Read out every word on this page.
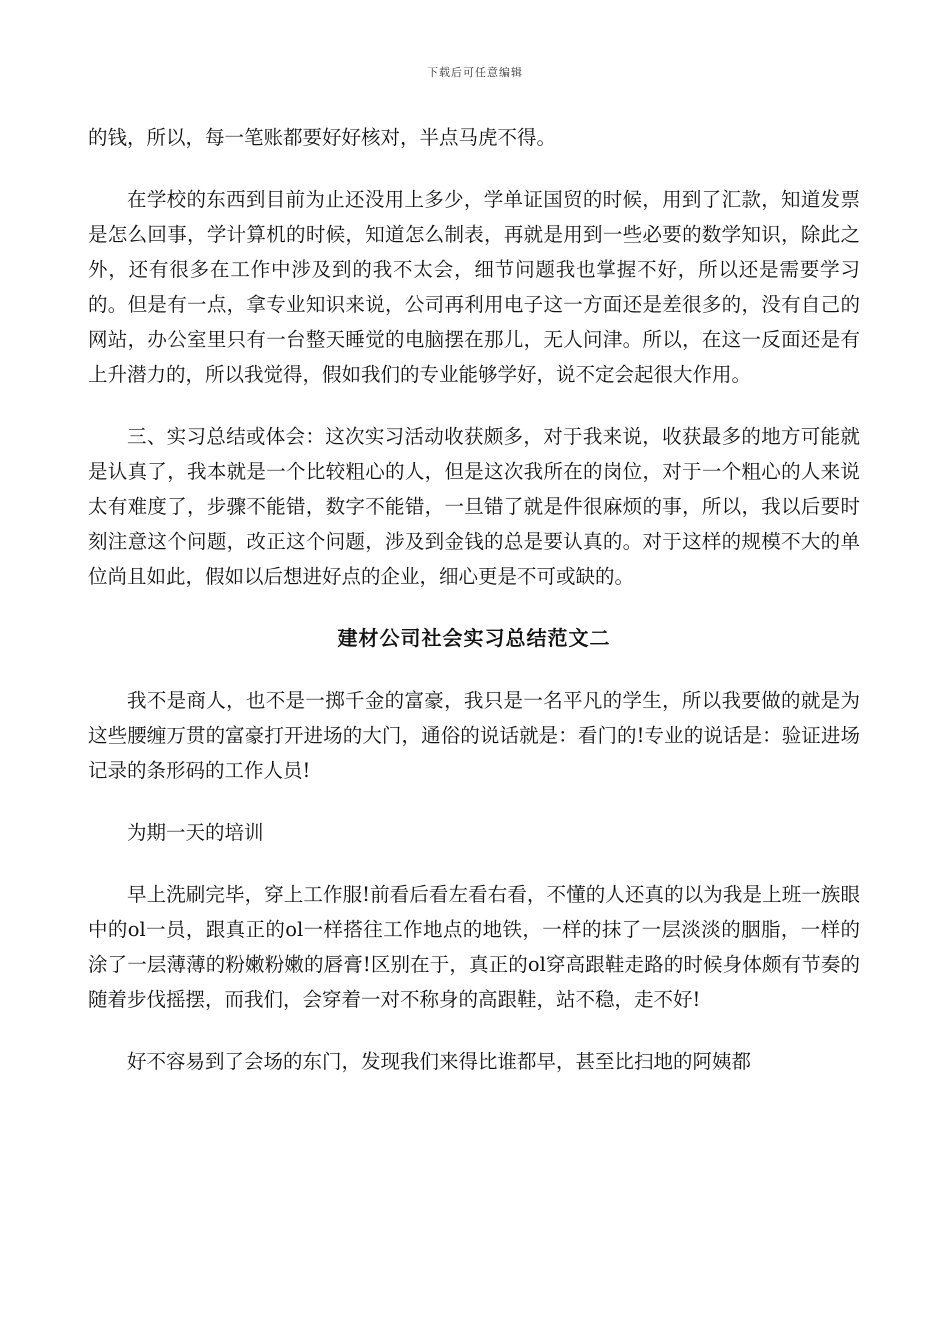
下载后可任意编辑

的钱，所以，每一笔账都要好好核对，半点马虎不得。

在学校的东西到目前为止还没用上多少，学单证国贸的时候，用到了汇款，知道发票是怎么回事，学计算机的时候，知道怎么制表，再就是用到一些必要的数学知识，除此之外，还有很多在工作中涉及到的我不太会，细节问题我也掌握不好，所以还是需要学习的。但是有一点，拿专业知识来说，公司再利用电子这一方面还是差很多的，没有自己的网站，办公室里只有一台整天睡觉的电脑摆在那儿，无人问津。所以，在这一反面还是有上升潜力的，所以我觉得，假如我们的专业能够学好，说不定会起很大作用。

三、实习总结或体会：这次实习活动收获颇多，对于我来说，收获最多的地方可能就是认真了，我本就是一个比较粗心的人，但是这次我所在的岗位，对于一个粗心的人来说太有难度了，步骤不能错，数字不能错，一旦错了就是件很麻烦的事，所以，我以后要时刻注意这个问题，改正这个问题，涉及到金钱的总是要认真的。对于这样的规模不大的单位尚且如此，假如以后想进好点的企业，细心更是不可或缺的。

建材公司社会实习总结范文二

我不是商人，也不是一掷千金的富豪，我只是一名平凡的学生，所以我要做的就是为这些腰缠万贯的富豪打开进场的大门，通俗的说话就是：看门的!专业的说话是：验证进场记录的条形码的工作人员!

为期一天的培训

早上洗刷完毕，穿上工作服!前看后看左看右看，不懂的人还真的以为我是上班一族眼中的ol一员，跟真正的ol一样搭往工作地点的地铁，一样的抹了一层淡淡的胭脂，一样的涂了一层薄薄的粉嫩粉嫩的唇膏!区别在于，真正的ol穿高跟鞋走路的时候身体颇有节奏的随着步伐摇摆，而我们，会穿着一对不称身的高跟鞋，站不稳，走不好!

好不容易到了会场的东门，发现我们来得比谁都早，甚至比扫地的阿姨都
